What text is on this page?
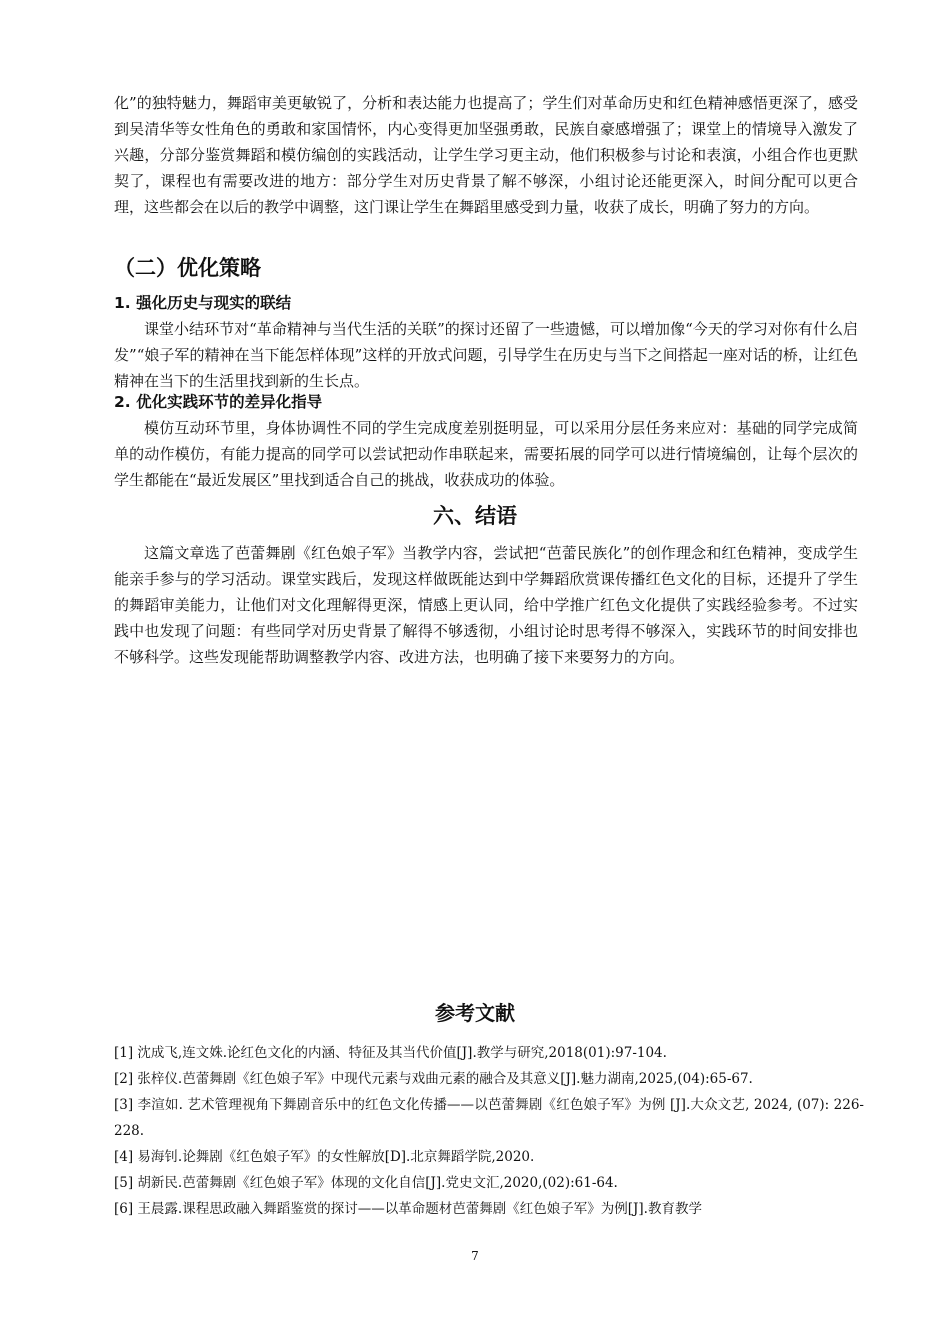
化”的独特魅力，舞蹈审美更敏锐了，分析和表达能力也提高了；学生们对革命历史和红色精神感悟更深了，感受到吴清华等女性角色的勇敢和家国情怀，内心变得更加坚强勇敢，民族自豪感增强了；课堂上的情境导入激发了兴趣，分部分鉴赏舞蹈和模仿编创的实践活动，让学生学习更主动，他们积极参与讨论和表演，小组合作也更默契了，课程也有需要改进的地方：部分学生对历史背景了解不够深，小组讨论还能更深入，时间分配可以更合理，这些都会在以后的教学中调整，这门课让学生在舞蹈里感受到力量，收获了成长，明确了努力的方向。

（二）优化策略
1. 强化历史与现实的联结

课堂小结环节对“革命精神与当代生活的关联”的探讨还留了一些遗憾，可以增加像“今天的学习对你有什么启发”“娘子军的精神在当下能怎样体现”这样的开放式问题，引导学生在历史与当下之间搭起一座对话的桥，让红色精神在当下的生活里找到新的生长点。

2. 优化实践环节的差异化指导

模仿互动环节里，身体协调性不同的学生完成度差别挺明显，可以采用分层任务来应对：基础的同学完成简单的动作模仿，有能力提高的同学可以尝试把动作串联起来，需要拓展的同学可以进行情境编创，让每个层次的学生都能在“最近发展区”里找到适合自己的挑战，收获成功的体验。

六、结语

这篇文章选了芭蕾舞剧《红色娘子军》当教学内容，尝试把“芭蕾民族化”的创作理念和红色精神，变成学生能亲手参与的学习活动。课堂实践后，发现这样做既能达到中学舞蹈欣赏课传播红色文化的目标，还提升了学生的舞蹈审美能力，让他们对文化理解得更深，情感上更认同，给中学推广红色文化提供了实践经验参考。不过实践中也发现了问题：有些同学对历史背景了解得不够透彻，小组讨论时思考得不够深入，实践环节的时间安排也不够科学。这些发现能帮助调整教学内容、改进方法，也明确了接下来要努力的方向。

参考文献
[1] 沈成飞,连文姝.论红色文化的内涵、特征及其当代价值[J].教学与研究,2018(01):97-104.
[2] 张梓仪.芭蕾舞剧《红色娘子军》中现代元素与戏曲元素的融合及其意义[J].魅力湖南,2025,(04):65-67.
[3] 李渲如. 艺术管理视角下舞剧音乐中的红色文化传播——以芭蕾舞剧《红色娘子军》为例 [J].大众文艺, 2024, (07): 226-228.
[4] 易海钊.论舞剧《红色娘子军》的女性解放[D].北京舞蹈学院,2020.
[5] 胡新民.芭蕾舞剧《红色娘子军》体现的文化自信[J].党史文汇,2020,(02):61-64.
[6] 王晨露.课程思政融入舞蹈鉴赏的探讨——以革命题材芭蕾舞剧《红色娘子军》为例[J].教育教学
7
